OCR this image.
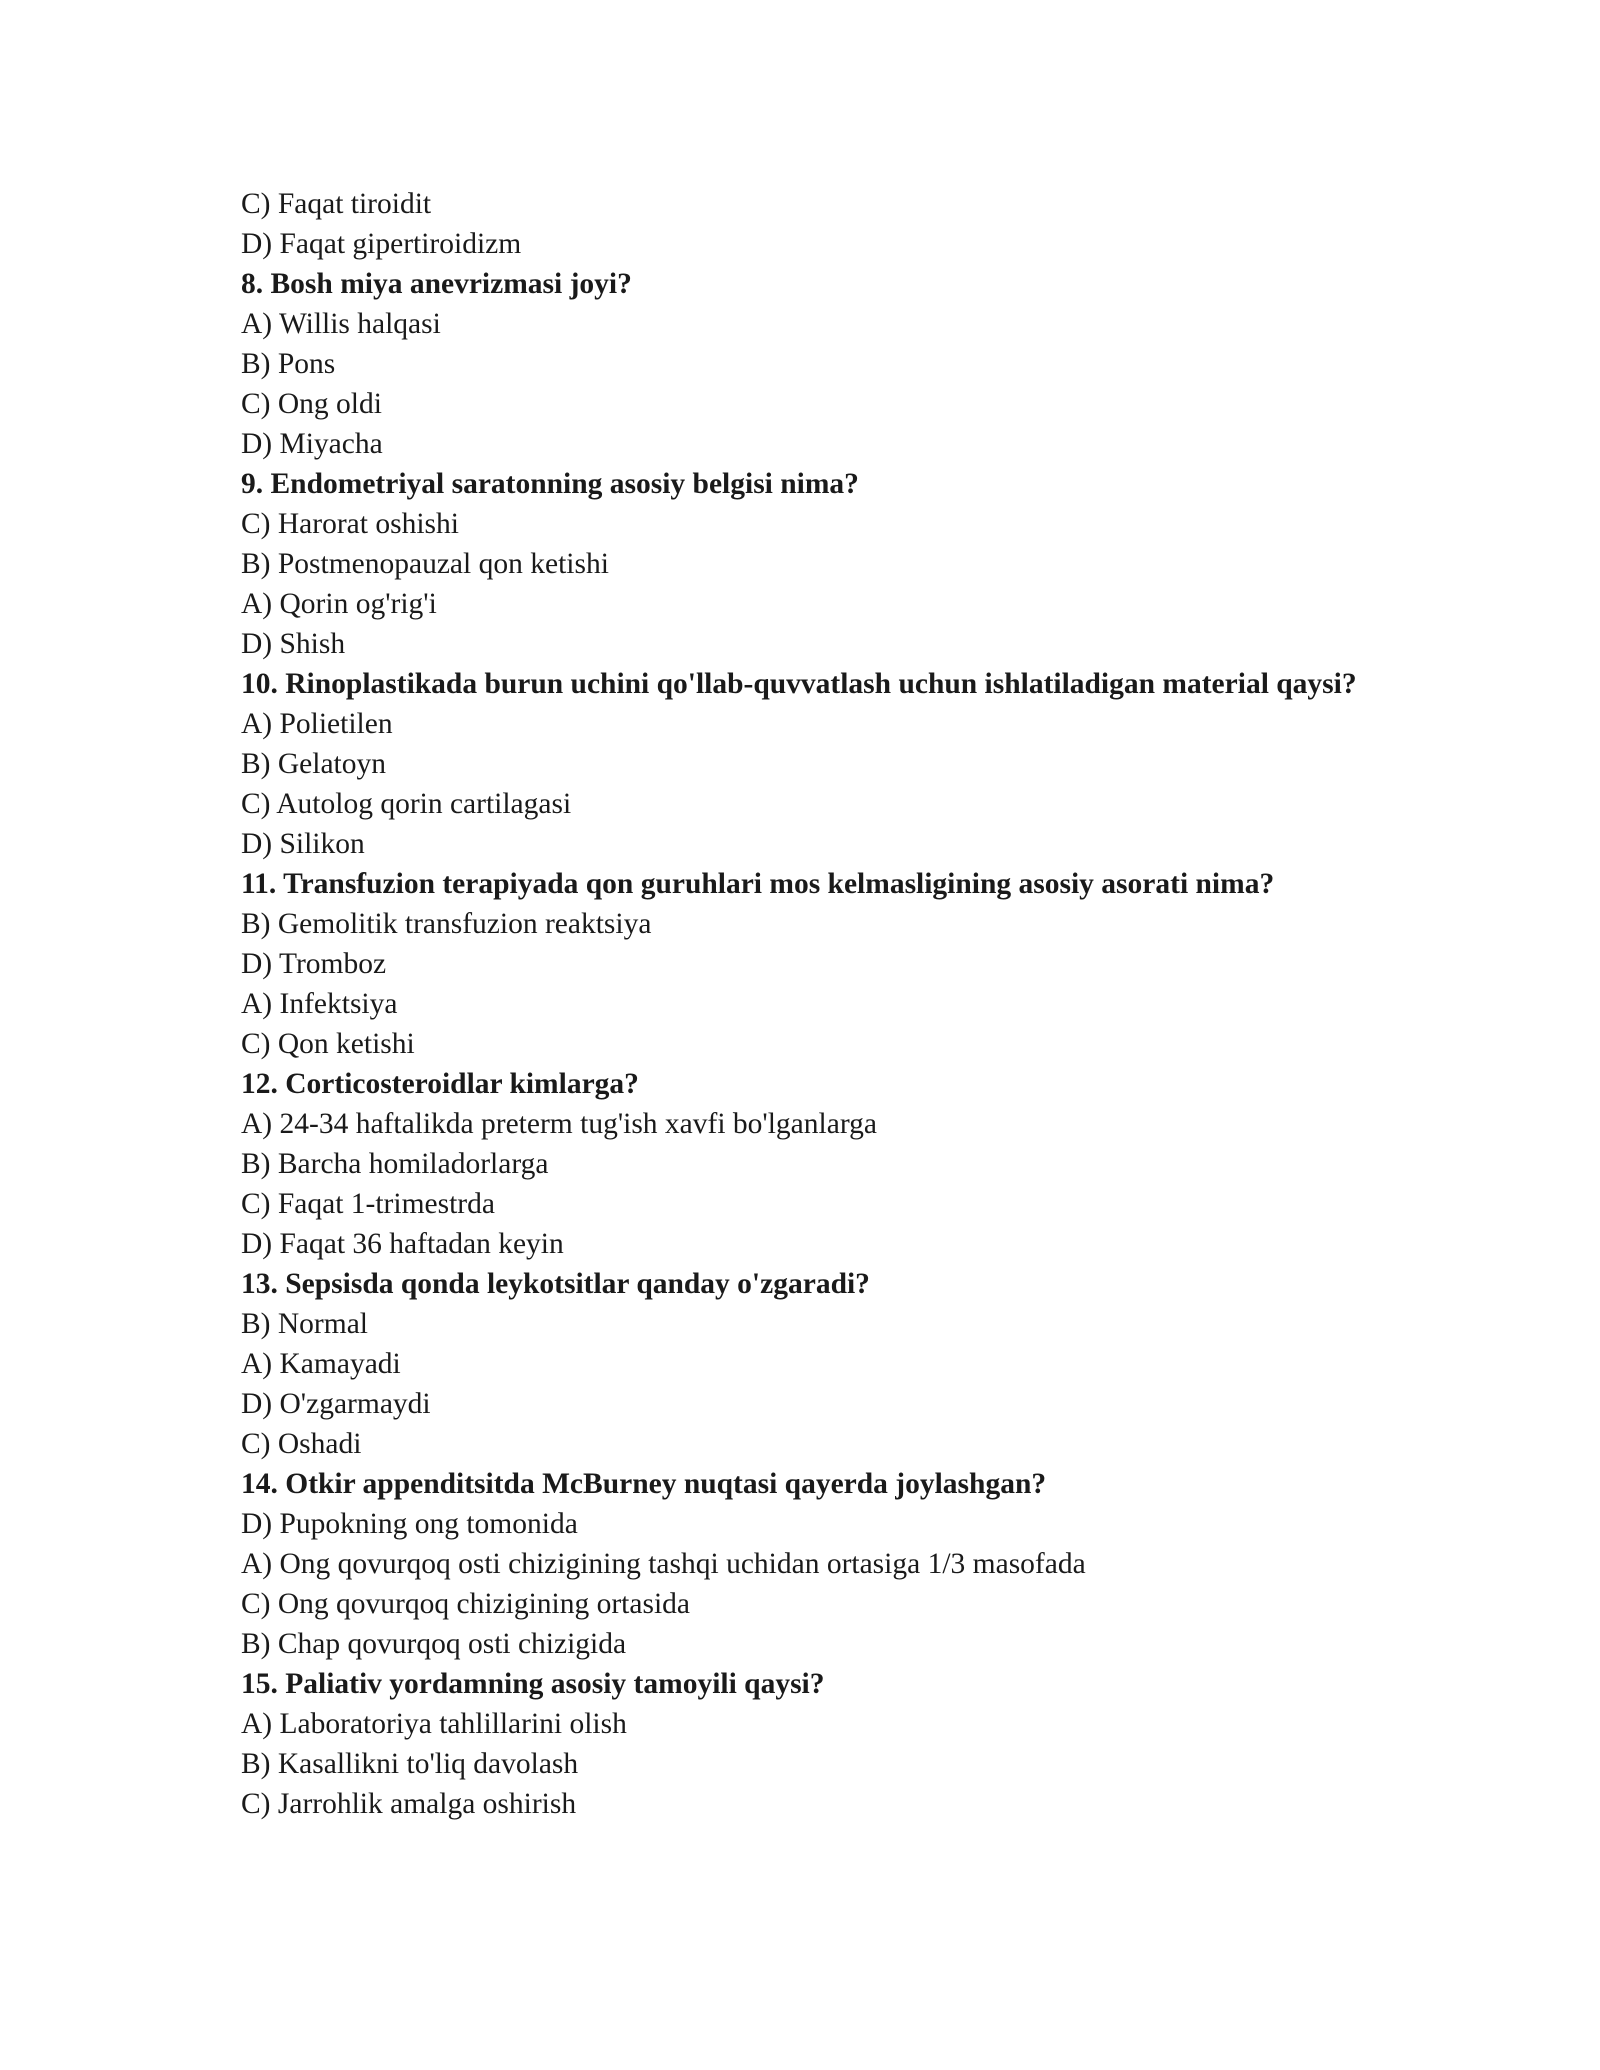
C) Faqat tiroidit
D) Faqat gipertiroidizm
8. Bosh miya anevrizmasi joyi?
A) Willis halqasi
B) Pons
C) Ong oldi
D) Miyacha
9. Endometriyal saratonning asosiy belgisi nima?
C) Harorat oshishi
B) Postmenopauzal qon ketishi
A) Qorin og'rig'i
D) Shish
10. Rinoplastikada burun uchini qo'llab-quvvatlash uchun ishlatiladigan material qaysi?
A) Polietilen
B) Gelatoyn
C) Autolog qorin cartilagasi
D) Silikon
11. Transfuzion terapiyada qon guruhlari mos kelmasligining asosiy asorati nima?
B) Gemolitik transfuzion reaktsiya
D) Tromboz
A) Infektsiya
C) Qon ketishi
12. Corticosteroidlar kimlarga?
A) 24-34 haftalikda preterm tug'ish xavfi bo'lganlarga
B) Barcha homiladorlarga
C) Faqat 1-trimestrda
D) Faqat 36 haftadan keyin
13. Sepsisda qonda leykotsitlar qanday o'zgaradi?
B) Normal
A) Kamayadi
D) O'zgarmaydi
C) Oshadi
14. Otkir appenditsitda McBurney nuqtasi qayerda joylashgan?
D) Pupokning ong tomonida
A) Ong qovurqoq osti chizigining tashqi uchidan ortasiga 1/3 masofada
C) Ong qovurqoq chizigining ortasida
B) Chap qovurqoq osti chizigida
15. Paliativ yordamning asosiy tamoyili qaysi?
A) Laboratoriya tahlillarini olish
B) Kasallikni to'liq davolash
C) Jarrohlik amalga oshirish
